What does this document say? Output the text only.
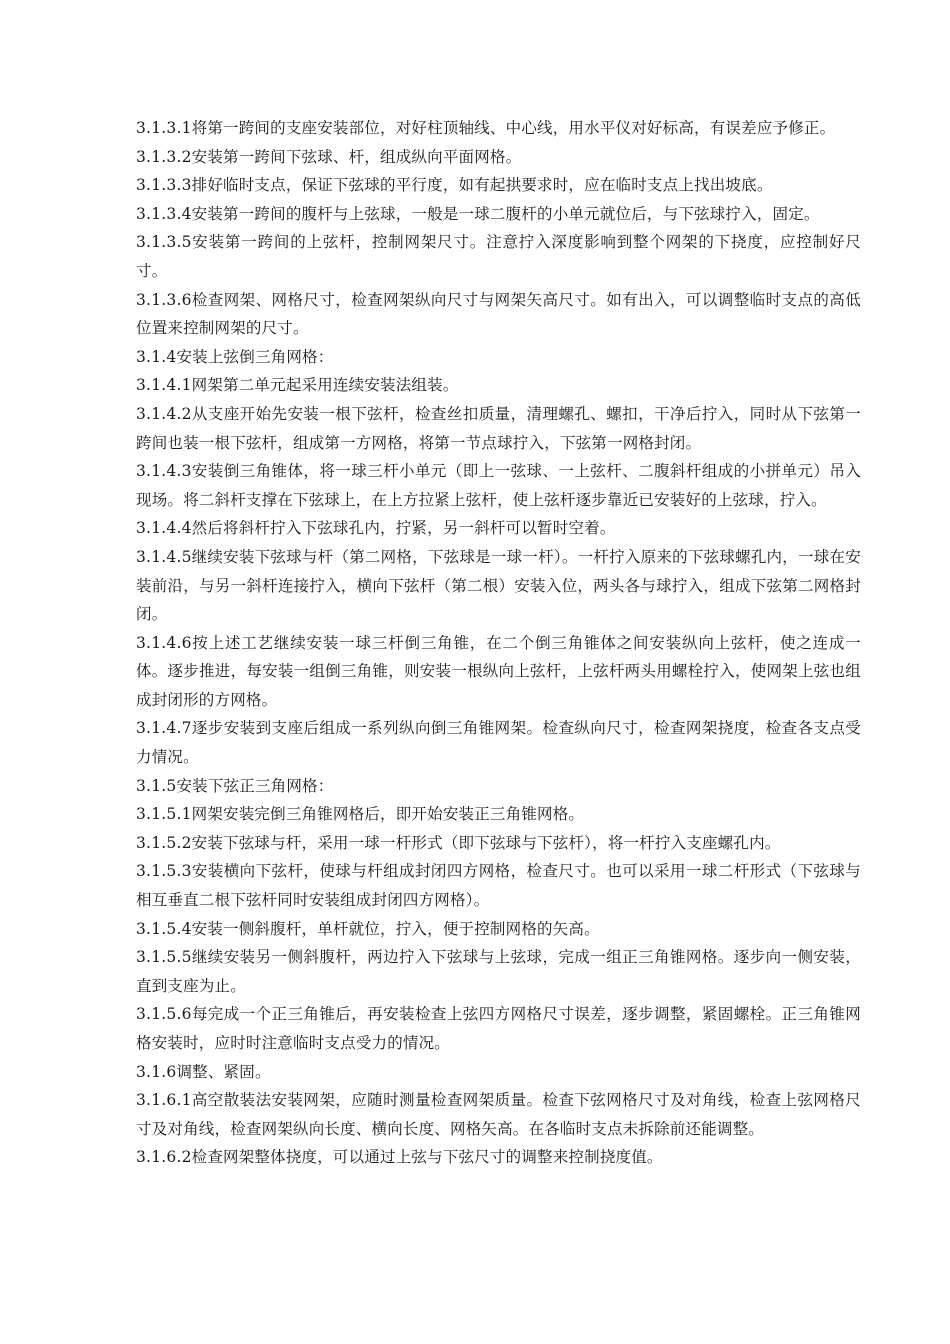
3.1.3.1将第一跨间的支座安装部位，对好柱顶轴线、中心线，用水平仪对好标高，有误差应予修正。

3.1.3.2安装第一跨间下弦球、杆，组成纵向平面网格。

3.1.3.3排好临时支点，保证下弦球的平行度，如有起拱要求时，应在临时支点上找出坡底。

3.1.3.4安装第一跨间的腹杆与上弦球，一般是一球二腹杆的小单元就位后，与下弦球拧入，固定。

3.1.3.5安装第一跨间的上弦杆，控制网架尺寸。注意拧入深度影响到整个网架的下挠度，应控制好尺寸。

3.1.3.6检查网架、网格尺寸，检查网架纵向尺寸与网架矢高尺寸。如有出入，可以调整临时支点的高低位置来控制网架的尺寸。

3.1.4安装上弦倒三角网格：

3.1.4.1网架第二单元起采用连续安装法组装。

3.1.4.2从支座开始先安装一根下弦杆，检查丝扣质量，清理螺孔、螺扣，干净后拧入，同时从下弦第一跨间也装一根下弦杆，组成第一方网格，将第一节点球拧入，下弦第一网格封闭。

3.1.4.3安装倒三角锥体，将一球三杆小单元（即上一弦球、一上弦杆、二腹斜杆组成的小拼单元）吊入现场。将二斜杆支撑在下弦球上，在上方拉紧上弦杆，使上弦杆逐步靠近已安装好的上弦球，拧入。

3.1.4.4然后将斜杆拧入下弦球孔内，拧紧，另一斜杆可以暂时空着。

3.1.4.5继续安装下弦球与杆（第二网格，下弦球是一球一杆）。一杆拧入原来的下弦球螺孔内，一球在安装前沿，与另一斜杆连接拧入，横向下弦杆（第二根）安装入位，两头各与球拧入，组成下弦第二网格封闭。

3.1.4.6按上述工艺继续安装一球三杆倒三角锥，在二个倒三角锥体之间安装纵向上弦杆，使之连成一体。逐步推进，每安装一组倒三角锥，则安装一根纵向上弦杆，上弦杆两头用螺栓拧入，使网架上弦也组成封闭形的方网格。

3.1.4.7逐步安装到支座后组成一系列纵向倒三角锥网架。检查纵向尺寸，检查网架挠度，检查各支点受力情况。

3.1.5安装下弦正三角网格：

3.1.5.1网架安装完倒三角锥网格后，即开始安装正三角锥网格。

3.1.5.2安装下弦球与杆，采用一球一杆形式（即下弦球与下弦杆），将一杆拧入支座螺孔内。

3.1.5.3安装横向下弦杆，使球与杆组成封闭四方网格，检查尺寸。也可以采用一球二杆形式（下弦球与相互垂直二根下弦杆同时安装组成封闭四方网格）。

3.1.5.4安装一侧斜腹杆，单杆就位，拧入，便于控制网格的矢高。

3.1.5.5继续安装另一侧斜腹杆，两边拧入下弦球与上弦球，完成一组正三角锥网格。逐步向一侧安装，直到支座为止。

3.1.5.6每完成一个正三角锥后，再安装检查上弦四方网格尺寸误差，逐步调整，紧固螺栓。正三角锥网格安装时，应时时注意临时支点受力的情况。

3.1.6调整、紧固。

3.1.6.1高空散装法安装网架，应随时测量检查网架质量。检查下弦网格尺寸及对角线，检查上弦网格尺寸及对角线，检查网架纵向长度、横向长度、网格矢高。在各临时支点未拆除前还能调整。

3.1.6.2检查网架整体挠度，可以通过上弦与下弦尺寸的调整来控制挠度值。
